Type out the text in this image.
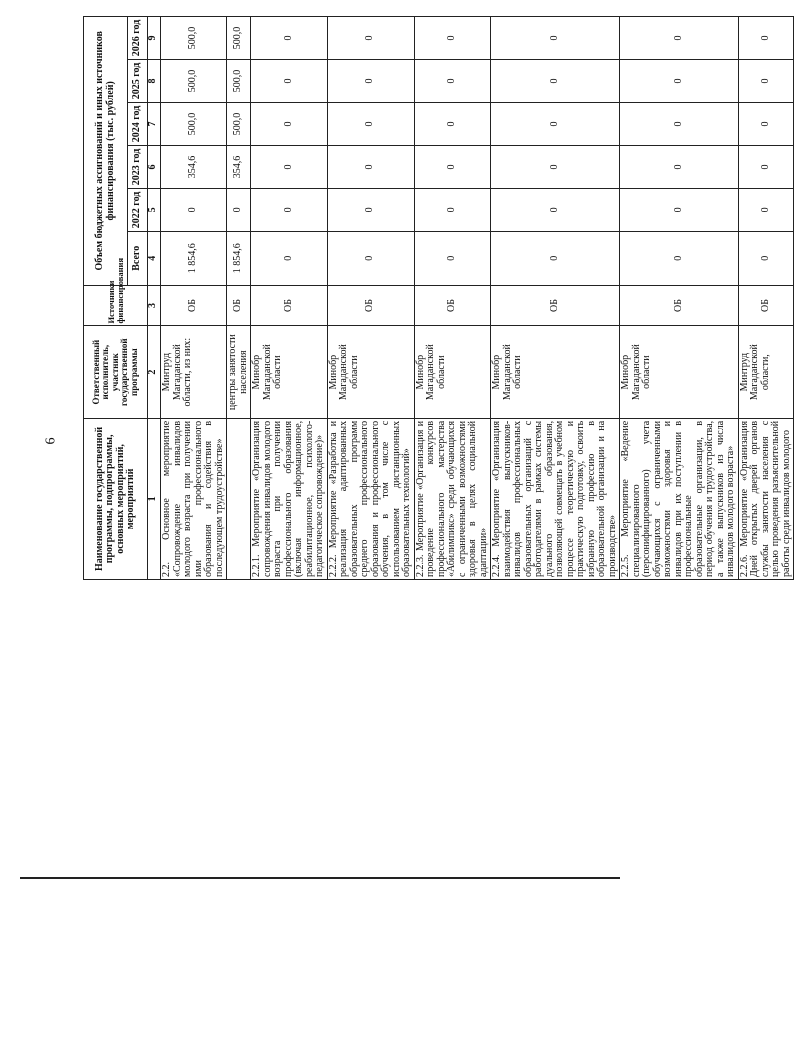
6	Наименование государственной программы, подпрограммы, основных мероприятий, мероприятий	Ответственный исполнитель, участник государственной программы	Источники финансирования	Объем бюджетных ассигнований и иных источников финансирования (тыс. рублей)					
			Всего	2022 год	2023 год	2024 год	2025 год	2026 год
1	2	3	4	5	6	7	8	9
2.2. Основное мероприятие «Сопровождение инвалидов молодого возраста при получении ими профессионального образования и содействия в последующем трудоустройстве»	Минтруд Магаданской области, из них:	ОБ	1 854,6	0	354,6	500,0	500,0	500,0
	центры занятости населения	ОБ	1 854,6	0	354,6	500,0	500,0	500,0
2.2.1. Мероприятие «Организация сопровождения инвалидов молодого возраста при получении профессионального образования (включая информационное, реабилитационное, психолого-педагогическое сопровождение)»	Минобр Магаданской области	ОБ	0	0	0	0	0	0
2.2.2. Мероприятие «Разработка и реализация адаптированных образовательных программ среднего профессионального образования и профессионального обучения, в том числе с использованием дистанционных образовательных технологий»	Минобр Магаданской области	ОБ	0	0	0	0	0	0
2.2.3. Мероприятие «Организация и проведение конкурсов профессионального мастерства «Абилимпикс» среди обучающихся с ограниченными возможностями здоровья в целях социальной адаптации»	Минобр Магаданской области	ОБ	0	0	0	0	0	0
2.2.4. Мероприятие «Организация взаимодействия выпускников-инвалидов профессиональных образовательных организаций с работодателями в рамках системы дуального образования, позволяющей совмещать в учебном процессе теоретическую и практическую подготовку, освоить избранную профессию в образовательной организации и на производстве»	Минобр Магаданской области	ОБ	0	0	0	0	0	0
2.2.5. Мероприятие «Ведение специализированного (персонифицированного) учета обучающихся с ограниченными возможностями здоровья и инвалидов при их поступлении в профессиональные образовательные организации, в период обучения и трудоустройства, а также выпускников из числа инвалидов молодого возраста»	Минобр Магаданской области	ОБ	0	0	0	0	0	0
2.2.6. Мероприятие «Организация Дней открытых дверей органов службы занятости населения с целью проведения разъяснительной работы среди инвалидов молодого	Минтруд Магаданской области,	ОБ	0	0	0	0	0	0
